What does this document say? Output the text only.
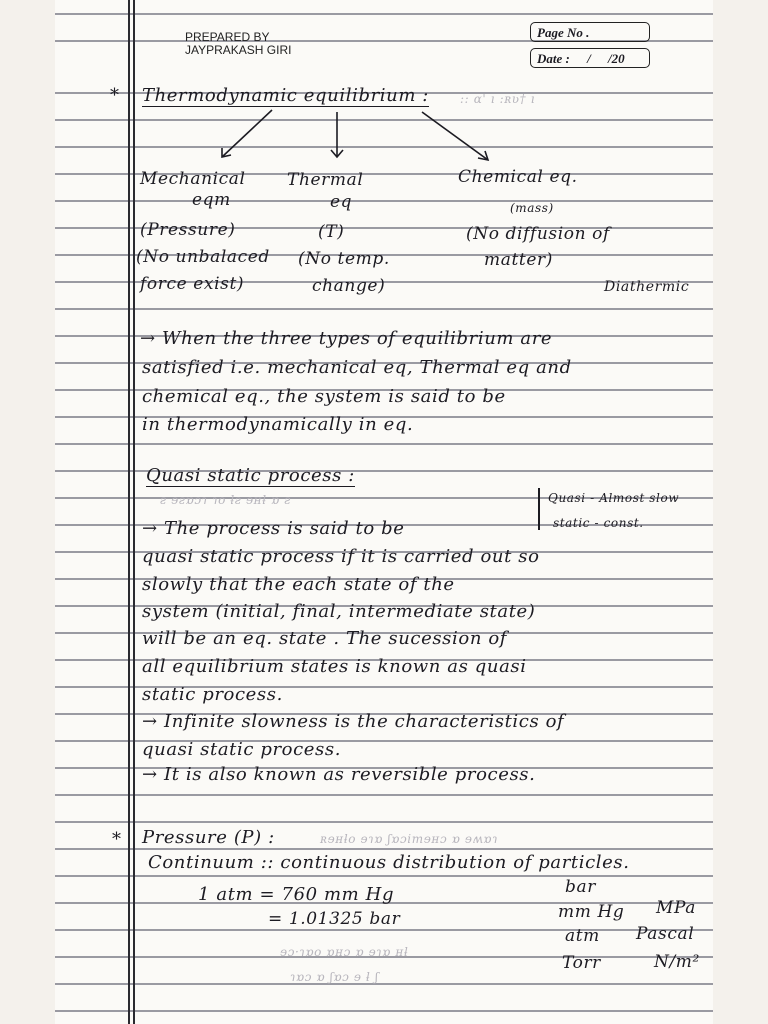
PREPARED BY
JAYPRAKASH GIRI
Page No .
Date : / /20
* Thermodynamic equilibrium :	:: ɑ' ı :ʀʋ† ı
Mechanical
eqm
(Pressure)
(No unbalaced
force exist)
Thermal
eq
(T)
(No temp.
change)
Chemical eq.
(mass)
(No diffusion of
matter)
Diathermic
→ When the three types of equilibrium are
satisfied i.e. mechanical eq, Thermal eq and
chemical eq., the system is said to be
in thermodynamically in eq.
Quasi static process :
ƨ ɘƨɒɔɿ ɿo ƚƨ ɘʜƚ ɒ ƨ	Quasi - Almost slow
static - const.
→ The process is said to be
quasi static process if it is carried out so
slowly that the each state of the
system (initial, final, intermediate state)
will be an eq. state . The sucession of
all equilibrium states is known as quasi
static process.
→ Infinite slowness is the characteristics of
quasi static process.
→ It is also known as reversible process.
* Pressure (P) :	ʀɘʜƚo ɘɿɒ ʃɒɔimɘʜɔ ɒ ɘʍɒɿ
Continuum :: continuous distribution of particles.
1 atm = 760 mm Hg
= 1.01325 bar
bar
mm Hg
atm
Torr
MPa
Pascal
N/m²
ɘɔ·ɿɒo ɒʜɔ ɒ ɘɿɒ ʜƚ
ɿɒɔ ɒ ʃɒɔ ɘ ƚ ʃ
